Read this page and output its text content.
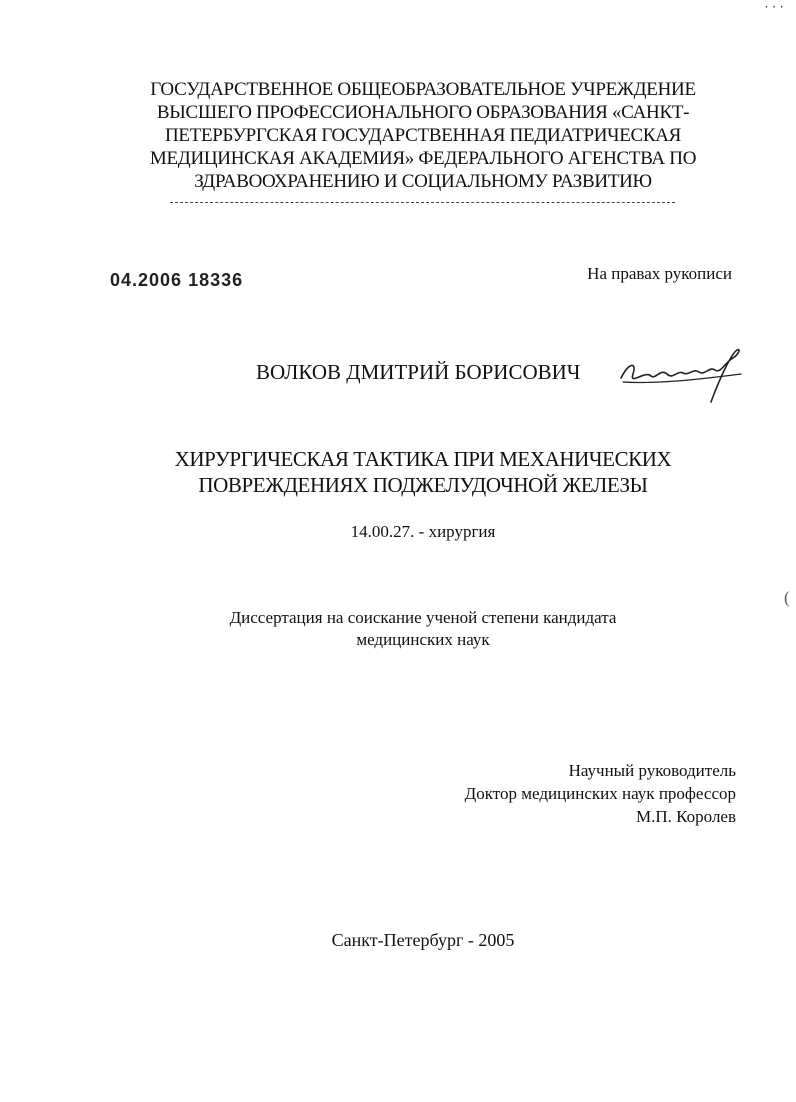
···
ГОСУДАРСТВЕННОЕ ОБЩЕОБРАЗОВАТЕЛЬНОЕ УЧРЕЖДЕНИЕ
ВЫСШЕГО ПРОФЕССИОНАЛЬНОГО ОБРАЗОВАНИЯ «САНКТ-
ПЕТЕРБУРГСКАЯ ГОСУДАРСТВЕННАЯ ПЕДИАТРИЧЕСКАЯ
МЕДИЦИНСКАЯ АКАДЕМИЯ» ФЕДЕРАЛЬНОГО АГЕНСТВА ПО
ЗДРАВООХРАНЕНИЮ И СОЦИАЛЬНОМУ РАЗВИТИЮ
04.2006 18336	На правах рукописи
ВОЛКОВ ДМИТРИЙ БОРИСОВИЧ
ХИРУРГИЧЕСКАЯ ТАКТИКА ПРИ МЕХАНИЧЕСКИХ
ПОВРЕЖДЕНИЯХ ПОДЖЕЛУДОЧНОЙ ЖЕЛЕЗЫ
14.00.27. - хирургия
Диссертация на соискание ученой степени кандидата
медицинских наук
(
Научный руководитель
Доктор медицинских наук профессор
М.П. Королев
Санкт-Петербург - 2005
